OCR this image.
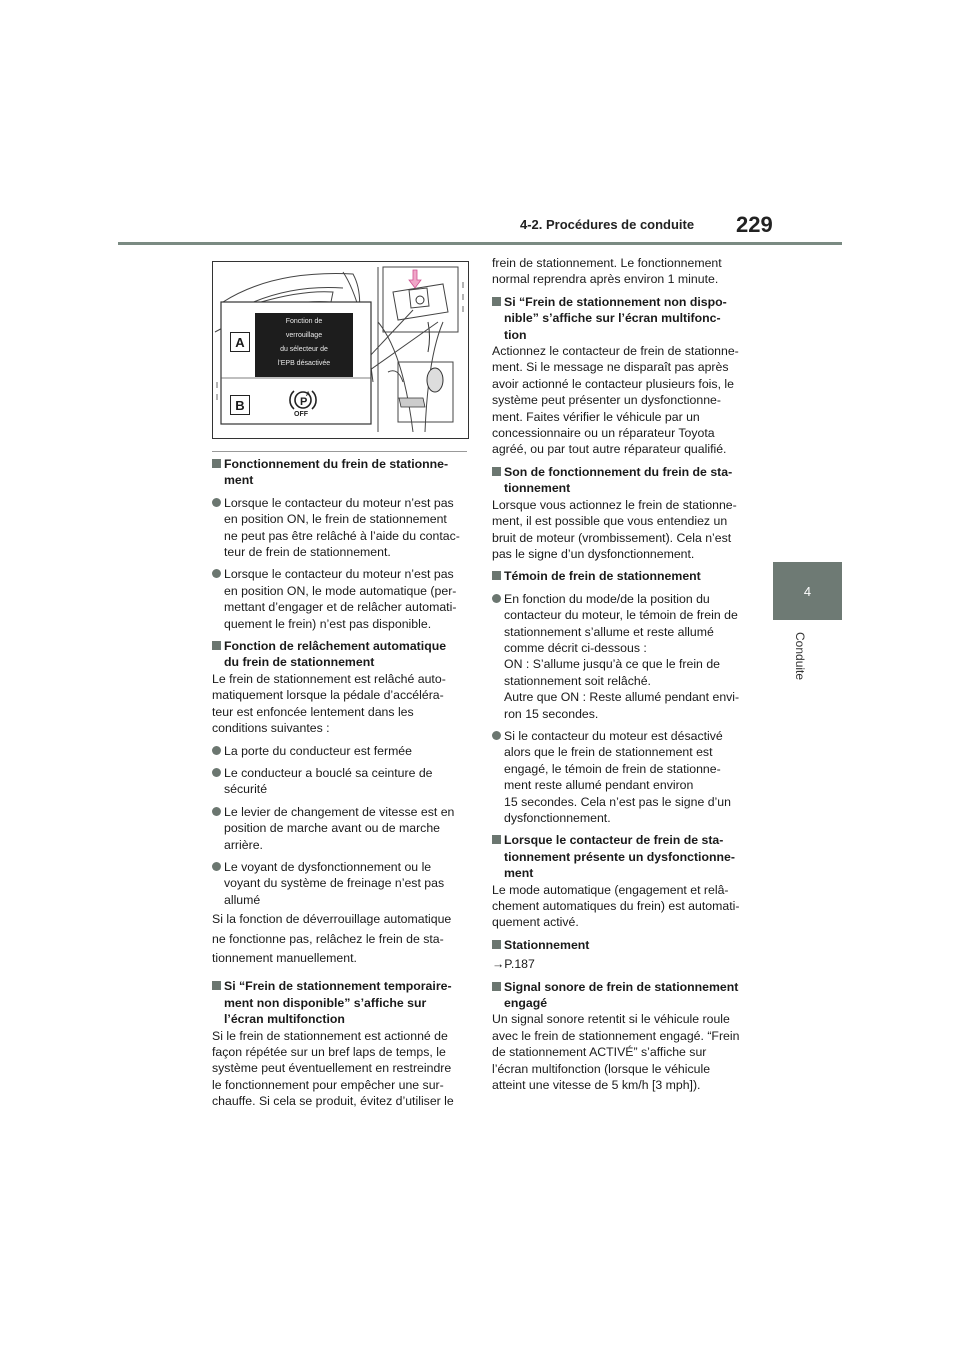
4-2. Procédures de conduite 229
4
Conduite
A
B
Fonction de
verrouillage
du sélecteur de
l'EPB désactivée
P
A
OFF
Fonctionnement du frein de stationne-
ment
Lorsque le contacteur du moteur n’est pas
en position ON, le frein de stationnement
ne peut pas être relâché à l’aide du contac-
teur de frein de stationnement.
Lorsque le contacteur du moteur n’est pas
en position ON, le mode automatique (per-
mettant d’engager et de relâcher automati-
quement le frein) n’est pas disponible.
Fonction de relâchement automatique
du frein de stationnement
Le frein de stationnement est relâché auto-
matiquement lorsque la pédale d’accéléra-
teur est enfoncée lentement dans les
conditions suivantes :
La porte du conducteur est fermée
Le conducteur a bouclé sa ceinture de
sécurité
Le levier de changement de vitesse est en
position de marche avant ou de marche
arrière.
Le voyant de dysfonctionnement ou le
voyant du système de freinage n’est pas
allumé
Si la fonction de déverrouillage automatique
ne fonctionne pas, relâchez le frein de sta-
tionnement manuellement.
Si “Frein de stationnement temporaire-
ment non disponible” s’affiche sur
l’écran multifonction
Si le frein de stationnement est actionné de
façon répétée sur un bref laps de temps, le
système peut éventuellement en restreindre
le fonctionnement pour empêcher une sur-
chauffe. Si cela se produit, évitez d’utiliser le
frein de stationnement. Le fonctionnement
normal reprendra après environ 1 minute.
Si “Frein de stationnement non dispo-
nible” s’affiche sur l’écran multifonc-
tion
Actionnez le contacteur de frein de stationne-
ment. Si le message ne disparaît pas après
avoir actionné le contacteur plusieurs fois, le
système peut présenter un dysfonctionne-
ment. Faites vérifier le véhicule par un
concessionnaire ou un réparateur Toyota
agréé, ou par tout autre réparateur qualifié.
Son de fonctionnement du frein de sta-
tionnement
Lorsque vous actionnez le frein de stationne-
ment, il est possible que vous entendiez un
bruit de moteur (vrombissement). Cela n’est
pas le signe d’un dysfonctionnement.
Témoin de frein de stationnement
En fonction du mode/de la position du
contacteur du moteur, le témoin de frein de
stationnement s’allume et reste allumé
comme décrit ci-dessous :
ON : S’allume jusqu’à ce que le frein de
stationnement soit relâché.
Autre que ON : Reste allumé pendant envi-
ron 15 secondes.
Si le contacteur du moteur est désactivé
alors que le frein de stationnement est
engagé, le témoin de frein de stationne-
ment reste allumé pendant environ
15 secondes. Cela n’est pas le signe d’un
dysfonctionnement.
Lorsque le contacteur de frein de sta-
tionnement présente un dysfonctionne-
ment
Le mode automatique (engagement et relâ-
chement automatiques du frein) est automati-
quement activé.
Stationnement
→P.187
Signal sonore de frein de stationnement
engagé
Un signal sonore retentit si le véhicule roule
avec le frein de stationnement engagé. “Frein
de stationnement ACTIVÉ” s’affiche sur
l’écran multifonction (lorsque le véhicule
atteint une vitesse de 5 km/h [3 mph]).
